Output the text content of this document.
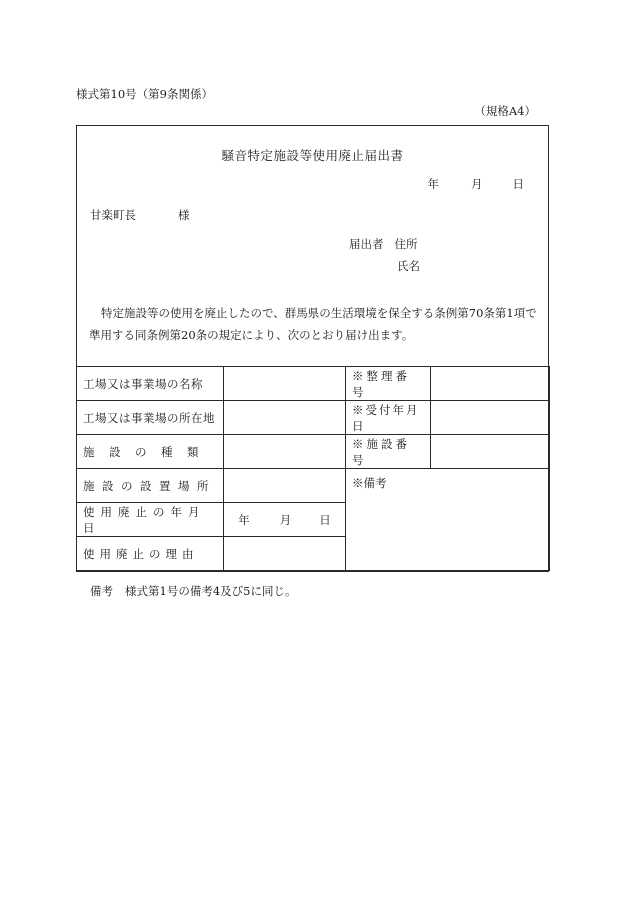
様式第10号（第9条関係）
（規格A4）
騒音特定施設等使用廃止届出書
年	月	日
甘楽町長	様
届出者 住所
氏名
特定施設等の使用を廃止したので、群馬県の生活環境を保全する条例第70条第1項で準用する同条例第20条の規定により、次のとおり届け出ます。
工場又は事業場の名称		※整理番号	
工場又は事業場の所在地		※受付年月日	
施設の種類		※施設番号	
施設の設置場所		※備考	
使用廃止の年月日	年 月 日		
使用廃止の理由			
備考 様式第1号の備考4及び5に同じ。
